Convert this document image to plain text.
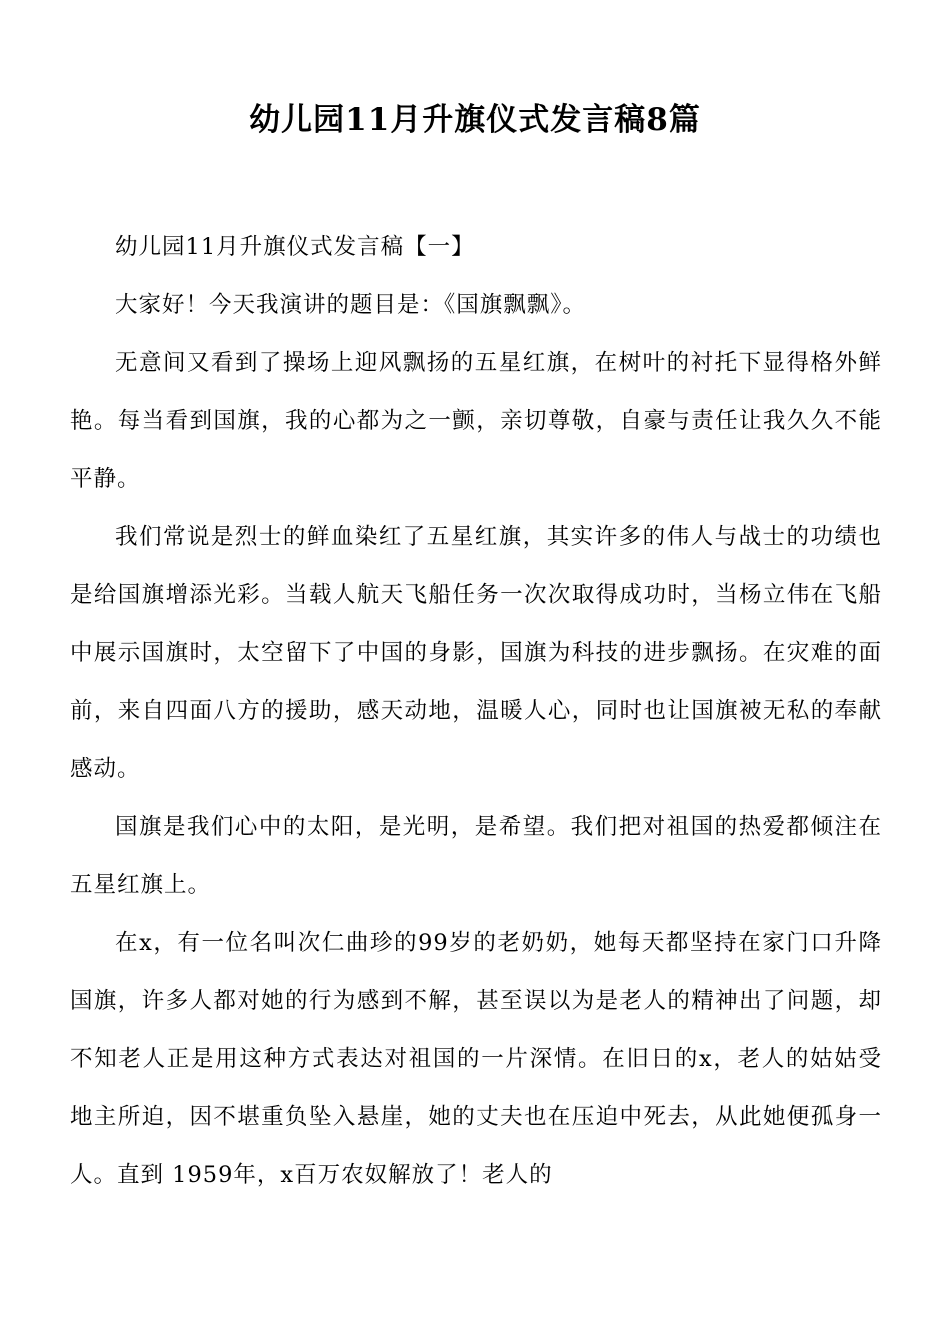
幼儿园11月升旗仪式发言稿8篇

幼儿园11月升旗仪式发言稿【一】

大家好！今天我演讲的题目是：《国旗飘飘》。

无意间又看到了操场上迎风飘扬的五星红旗，在树叶的衬托下显得格外鲜艳。每当看到国旗，我的心都为之一颤，亲切尊敬，自豪与责任让我久久不能平静。

我们常说是烈士的鲜血染红了五星红旗，其实许多的伟人与战士的功绩也是给国旗增添光彩。当载人航天飞船任务一次次取得成功时，当杨立伟在飞船中展示国旗时，太空留下了中国的身影，国旗为科技的进步飘扬。在灾难的面前，来自四面八方的援助，感天动地，温暖人心，同时也让国旗被无私的奉献感动。

国旗是我们心中的太阳，是光明，是希望。我们把对祖国的热爱都倾注在五星红旗上。

在x，有一位名叫次仁曲珍的99岁的老奶奶，她每天都坚持在家门口升降国旗，许多人都对她的行为感到不解，甚至误以为是老人的精神出了问题，却不知老人正是用这种方式表达对祖国的一片深情。在旧日的x，老人的姑姑受地主所迫，因不堪重负坠入悬崖，她的丈夫也在压迫中死去，从此她便孤身一人。直到 1959年，x百万农奴解放了！老人的
